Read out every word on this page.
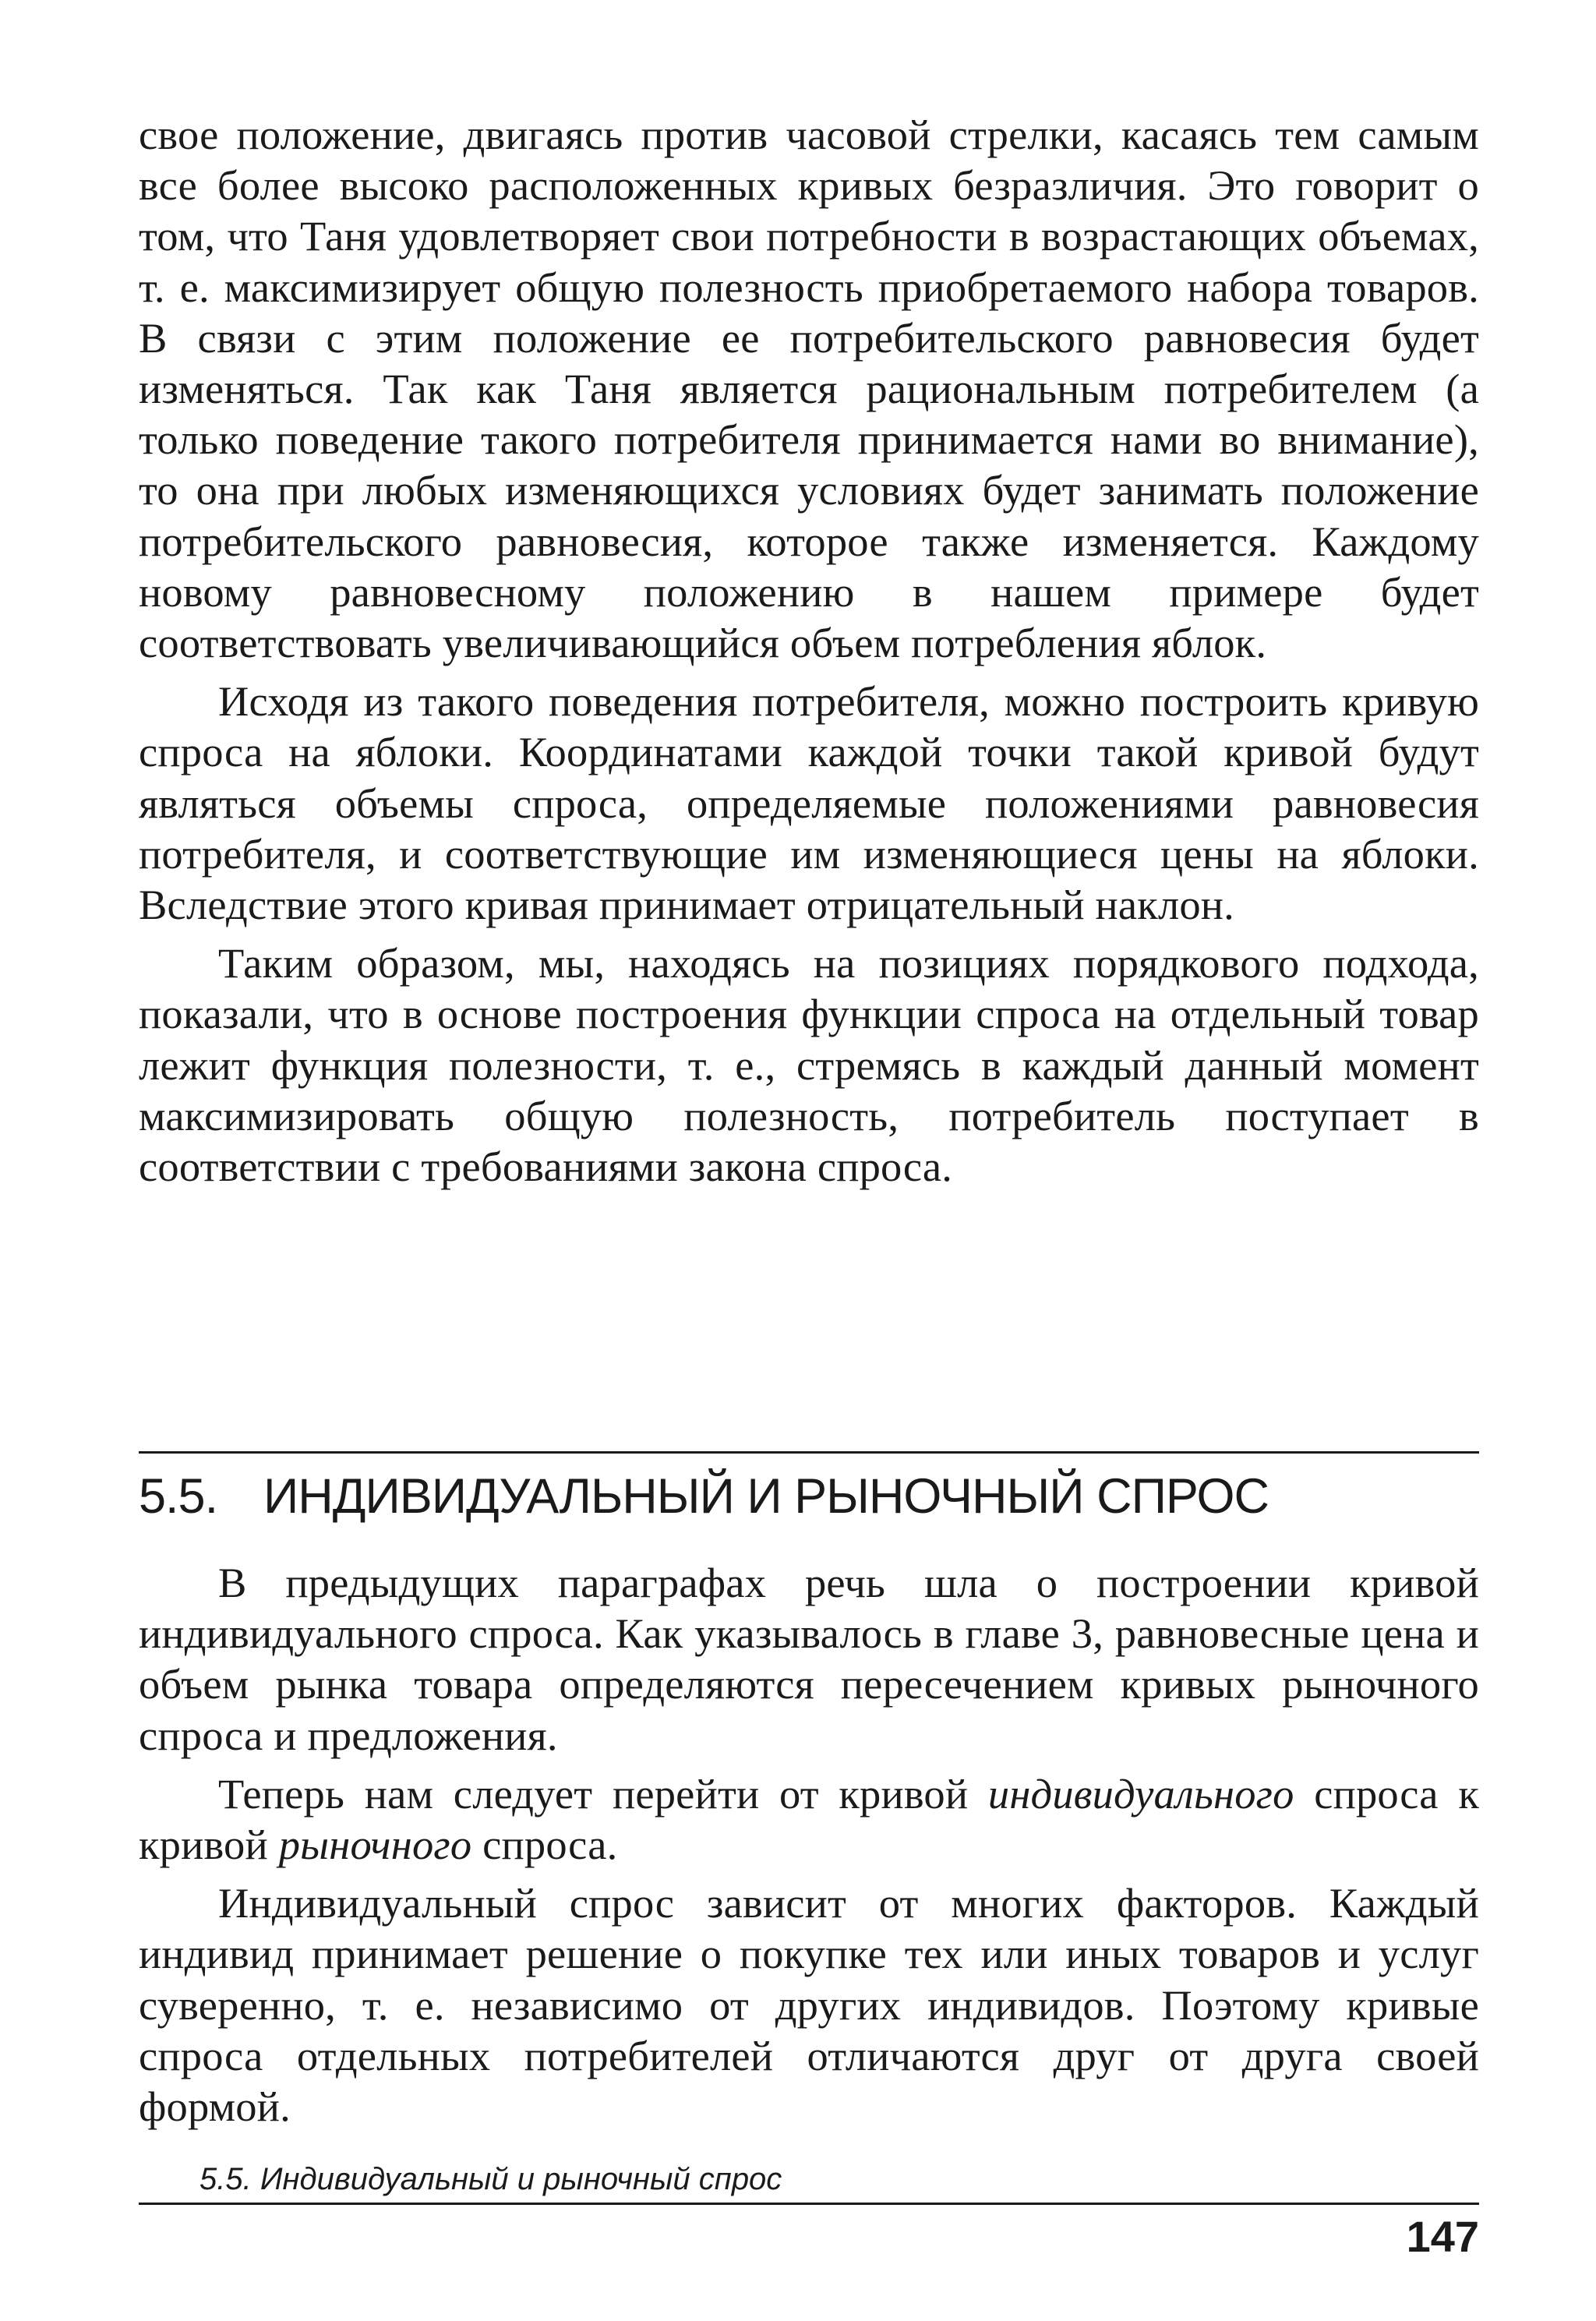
свое положение, двигаясь против часовой стрелки, касаясь тем самым все более высоко расположенных кривых безразличия. Это говорит о том, что Таня удовлетворяет свои потребности в возрастающих объемах, т. е. максимизирует общую полезность приобретаемого набора товаров. В связи с этим положение ее потребительского равновесия будет изменяться. Так как Таня является рациональным потребителем (а только поведение такого потребителя принимается нами во внимание), то она при любых изменяющихся условиях будет занимать положение потребительского равновесия, которое также изменяется. Каждому новому равновесному положению в нашем примере будет соответствовать увеличивающийся объем потребления яблок.

Исходя из такого поведения потребителя, можно построить кривую спроса на яблоки. Координатами каждой точки такой кривой будут являться объемы спроса, определяемые положениями равновесия потребителя, и соответствующие им изменяющиеся цены на яблоки. Вследствие этого кривая принимает отрицательный наклон.

Таким образом, мы, находясь на позициях порядкового подхода, показали, что в основе построения функции спроса на отдельный товар лежит функция полезности, т. е., стремясь в каждый данный момент максимизировать общую полезность, потребитель поступает в соответствии с требованиями закона спроса.

5.5. ИНДИВИДУАЛЬНЫЙ И РЫНОЧНЫЙ СПРОС

В предыдущих параграфах речь шла о построении кривой индивидуального спроса. Как указывалось в главе 3, равновесные цена и объем рынка товара определяются пересечением кривых рыночного спроса и предложения.

Теперь нам следует перейти от кривой индивидуального спроса к кривой рыночного спроса.

Индивидуальный спрос зависит от многих факторов. Каждый индивид принимает решение о покупке тех или иных товаров и услуг суверенно, т. е. независимо от других индивидов. Поэтому кривые спроса отдельных потребителей отличаются друг от друга своей формой.

5.5. Индивидуальный и рыночный спрос

147
